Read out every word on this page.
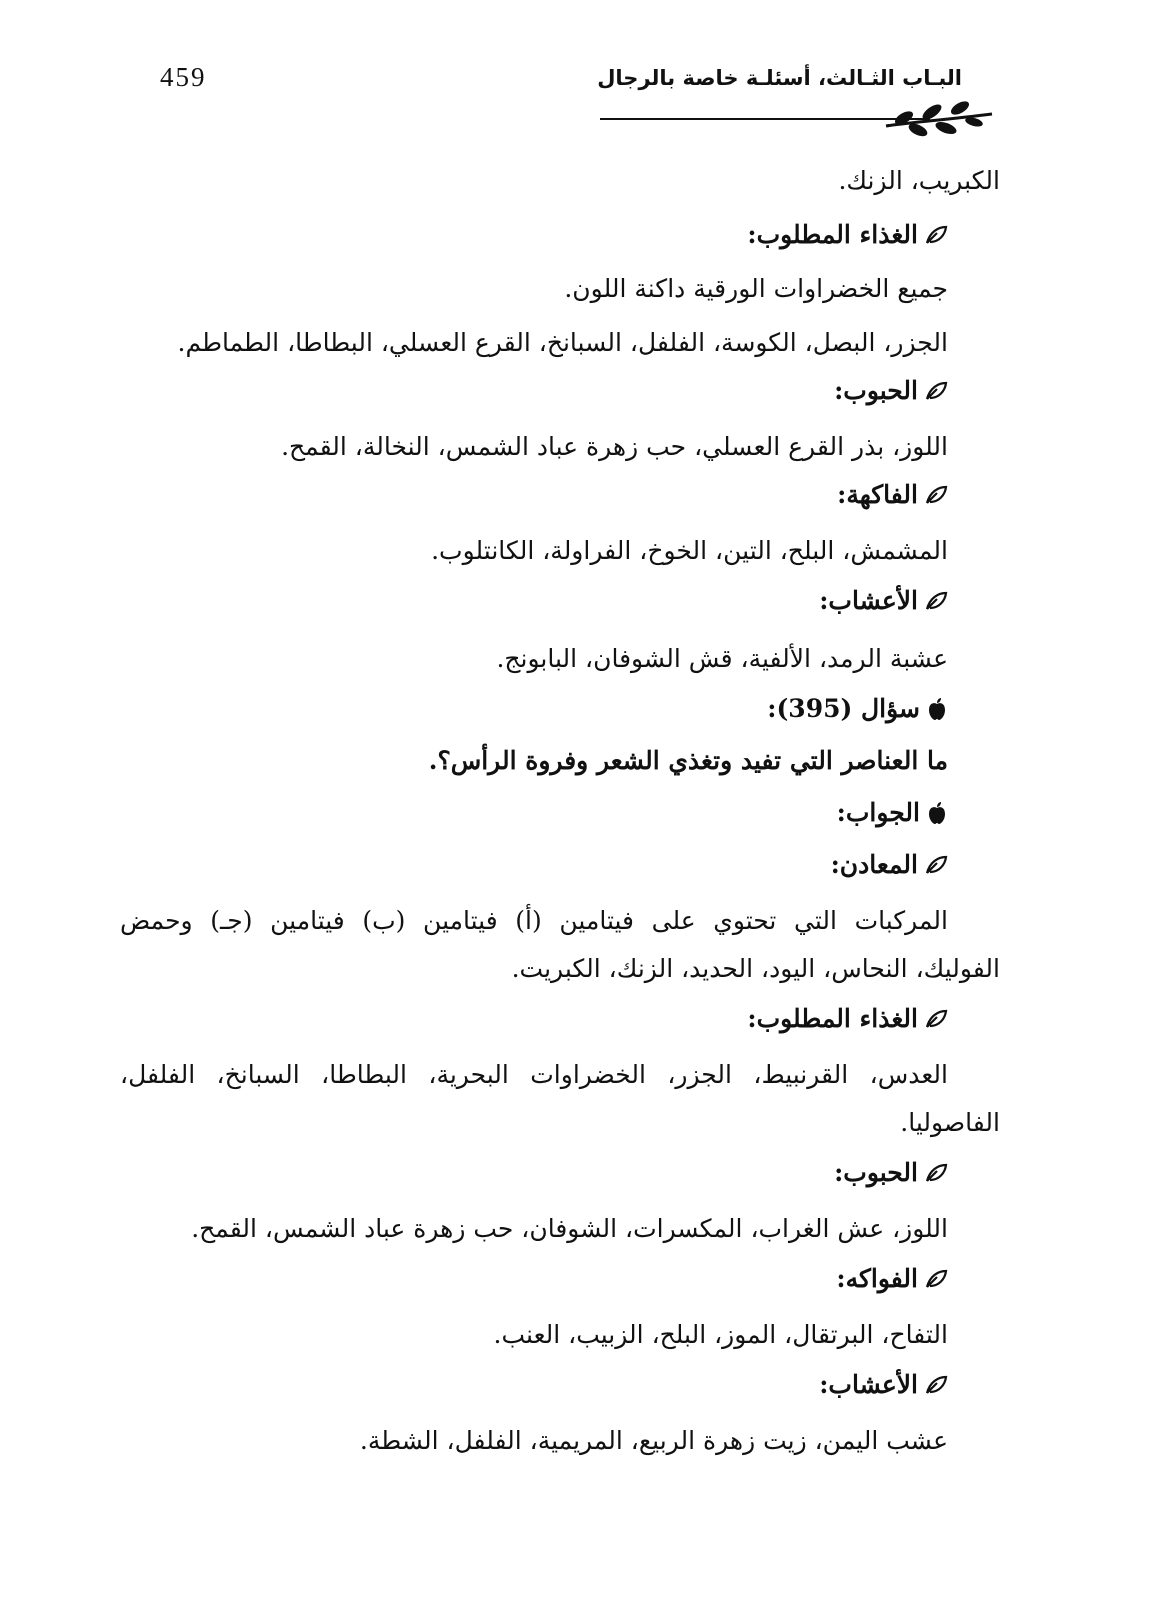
459	البـاب الثـالث، أسئلـة خاصة بالرجال
الكبريب، الزنك.
الغذاء المطلوب:
جميع الخضراوات الورقية داكنة اللون.
الجزر، البصل، الكوسة، الفلفل، السبانخ، القرع العسلي، البطاطا، الطماطم.
الحبوب:
اللوز، بذر القرع العسلي، حب زهرة عباد الشمس، النخالة، القمح.
الفاكهة:
المشمش، البلح، التين، الخوخ، الفراولة، الكانتلوب.
الأعشاب:
عشبة الرمد، الألفية، قش الشوفان، البابونج.
سؤال (395):
ما العناصر التي تفيد وتغذي الشعر وفروة الرأس؟.
الجواب:
المعادن:
المركبات التي تحتوي على فيتامين (أ) فيتامين (ب) فيتامين (جـ) وحمض
الفوليك، النحاس، اليود، الحديد، الزنك، الكبريت.
الغذاء المطلوب:
العدس، القرنبيط، الجزر، الخضراوات البحرية، البطاطا، السبانخ، الفلفل،
الفاصوليا.
الحبوب:
اللوز، عش الغراب، المكسرات، الشوفان، حب زهرة عباد الشمس، القمح.
الفواكه:
التفاح، البرتقال، الموز، البلح، الزبيب، العنب.
الأعشاب:
عشب اليمن، زيت زهرة الربيع، المريمية، الفلفل، الشطة.
